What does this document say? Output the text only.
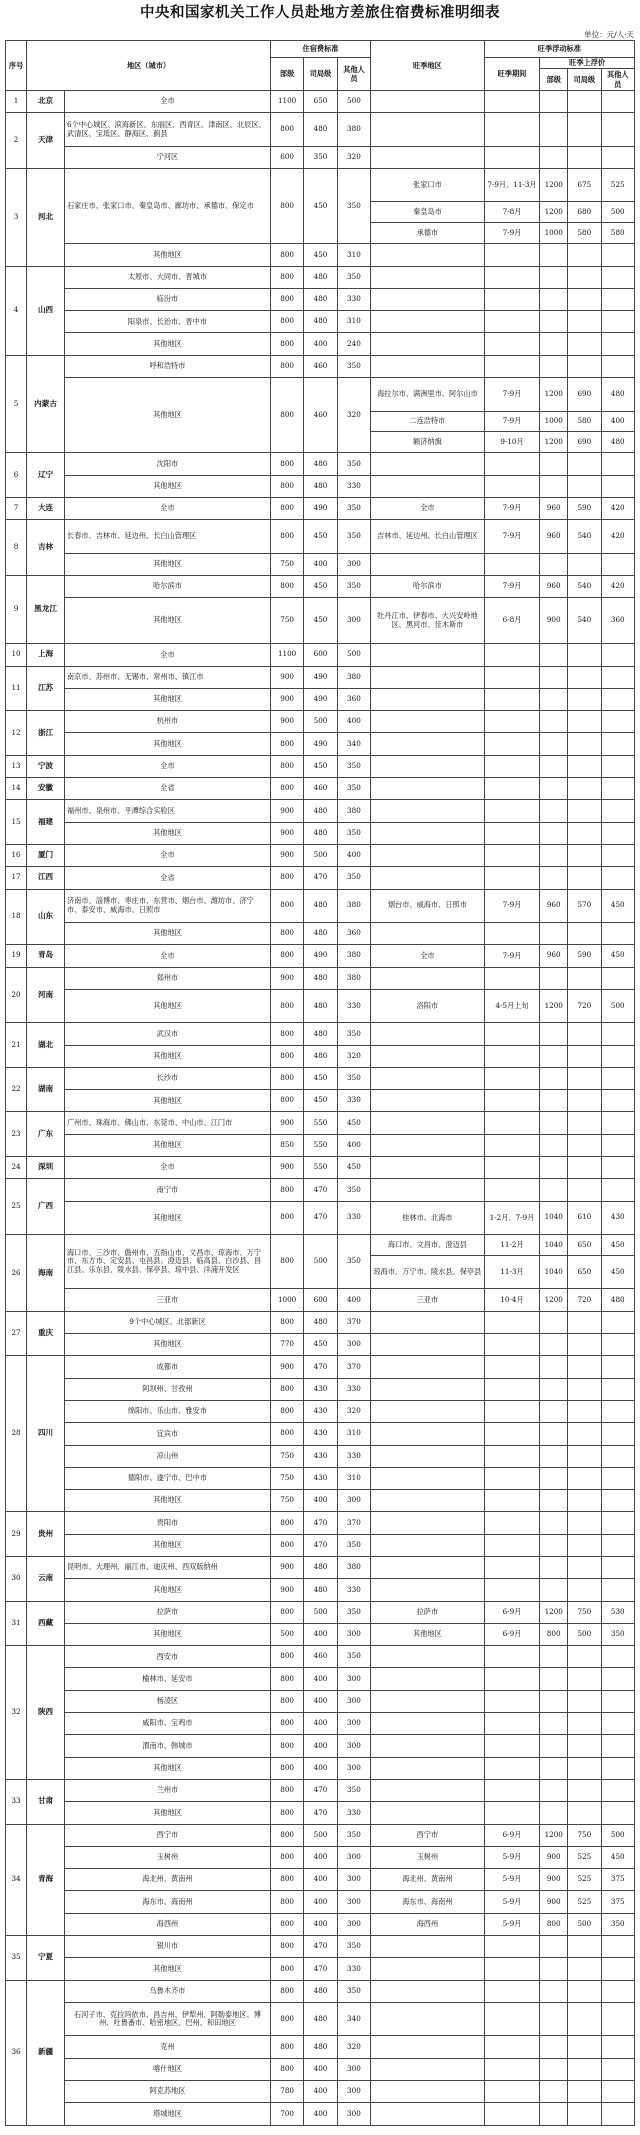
中央和国家机关工作人员赴地方差旅住宿费标准明细表
单位：元/人·天
序号	地区（城市）		住宿费标准			旺季地区	旺季浮动标准			
			部级	司局级	其他人员		旺季期间	旺季上浮价		
								部级	司局级	其他人员
1	北京	全市	1100	650	500					
2	天津	6个中心城区、滨海新区、东丽区、西青区、津南区、北辰区、武清区、宝坻区、静海区、蓟县	800	480	380					
		宁河区	600	350	320					
3	河北	石家庄市、张家口市、秦皇岛市、廊坊市、承德市、保定市	800	450	350	张家口市	7-9月、11-3月	1200	675	525
						秦皇岛市	7-8月	1200	680	500
						承德市	7-9月	1000	580	580
		其他地区	800	450	310					
4	山西	太原市、大同市、晋城市	800	480	350					
		临汾市	800	480	330					
		阳泉市、长治市、晋中市	800	480	310					
		其他地区	800	400	240					
5	内蒙古	呼和浩特市	800	460	350					
		其他地区	800	460	320	海拉尔市、满洲里市、阿尔山市	7-9月	1200	690	480
						二连浩特市	7-9月	1000	580	400
						额济纳旗	9-10月	1200	690	480
6	辽宁	沈阳市	800	480	350					
		其他地区	800	480	330					
7	大连	全市	800	490	350	全市	7-9月	960	590	420
8	吉林	长春市、吉林市、延边州、长白山管理区	800	450	350	吉林市、延边州、长白山管理区	7-9月	960	540	420
		其他地区	750	400	300					
9	黑龙江	哈尔滨市	800	450	350	哈尔滨市	7-9月	960	540	420
		其他地区	750	450	300	牡丹江市、伊春市、大兴安岭地区、黑河市、佳木斯市	6-8月	900	540	360
10	上海	全市	1100	600	500					
11	江苏	南京市、苏州市、无锡市、常州市、镇江市	900	490	380					
		其他地区	900	490	360					
12	浙江	杭州市	900	500	400					
		其他地区	800	490	340					
13	宁波	全市	800	450	350					
14	安徽	全省	800	460	350					
15	福建	福州市、泉州市、平潭综合实验区	900	480	380					
		其他地区	900	480	350					
16	厦门	全市	900	500	400					
17	江西	全省	800	470	350					
18	山东	济南市、淄博市、枣庄市、东营市、烟台市、潍坊市、济宁市、泰安市、威海市、日照市	800	480	380	烟台市、威海市、日照市	7-9月	960	570	450
		其他地区	800	480	360					
19	青岛	全市	800	490	380	全市	7-9月	960	590	450
20	河南	郑州市	900	480	380					
		其他地区	800	480	330	洛阳市	4-5月上旬	1200	720	500
21	湖北	武汉市	800	480	350					
		其他地区	800	480	320					
22	湖南	长沙市	800	450	350					
		其他地区	800	450	330					
23	广东	广州市、珠海市、佛山市、东莞市、中山市、江门市	900	550	450					
		其他地区	850	550	400					
24	深圳	全市	900	550	450					
25	广西	南宁市	800	470	350					
		其他地区	800	470	330	桂林市、北海市	1-2月、7-9月	1040	610	430
26	海南	海口市、三沙市、儋州市、五指山市、文昌市、琼海市、万宁市、东方市、定安县、屯昌县、澄迈县、临高县、白沙县、昌江县、乐东县、陵水县、保亭县、琼中县、洋浦开发区	800	500	350	海口市、文昌市、澄迈县	11-2月	1040	650	450
						琼海市、万宁市、陵水县、保亭县	11-3月	1040	650	450
		三亚市	1000	600	400	三亚市	10-4月	1200	720	480
27	重庆	9个中心城区、北部新区	800	480	370					
		其他地区	770	450	300					
28	四川	成都市	900	470	370					
		阿坝州、甘孜州	800	430	330					
		绵阳市、乐山市、雅安市	800	430	320					
		宜宾市	800	430	310					
		凉山州	750	430	330					
		德阳市、遂宁市、巴中市	750	430	310					
		其他地区	750	400	300					
29	贵州	贵阳市	800	470	370					
		其他地区	800	470	350					
30	云南	昆明市、大理州、丽江市、迪庆州、西双版纳州	900	480	380					
		其他地区	900	480	330					
31	西藏	拉萨市	800	500	350	拉萨市	6-9月	1200	750	530
		其他地区	500	400	300	其他地区	6-9月	800	500	350
32	陕西	西安市	800	460	350					
		榆林市、延安市	800	400	300					
		杨凌区	800	400	300					
		咸阳市、宝鸡市	800	400	300					
		渭南市、韩城市	800	400	300					
		其他地区	800	400	300					
33	甘肃	兰州市	800	470	350					
		其他地区	800	470	330					
34	青海	西宁市	800	500	350	西宁市	6-9月	1200	750	500
		玉树州	800	400	300	玉树州	5-9月	900	525	450
		海北州、黄南州	800	400	300	海北州、黄南州	5-9月	900	525	375
		海东市、海南州	800	400	300	海东市、海南州	5-9月	900	525	375
		海西州	800	400	300	海西州	5-9月	800	500	350
35	宁夏	银川市	800	470	350					
		其他地区	800	470	330					
36	新疆	乌鲁木齐市	800	480	350					
		石河子市、克拉玛依市、昌吉州、伊犁州、阿勒泰地区、博州、吐鲁番市、哈密地区、巴州、和田地区	800	480	340					
		克州	800	480	320					
		喀什地区	800	400	300					
		阿克苏地区	780	400	300					
		塔城地区	700	400	300					
